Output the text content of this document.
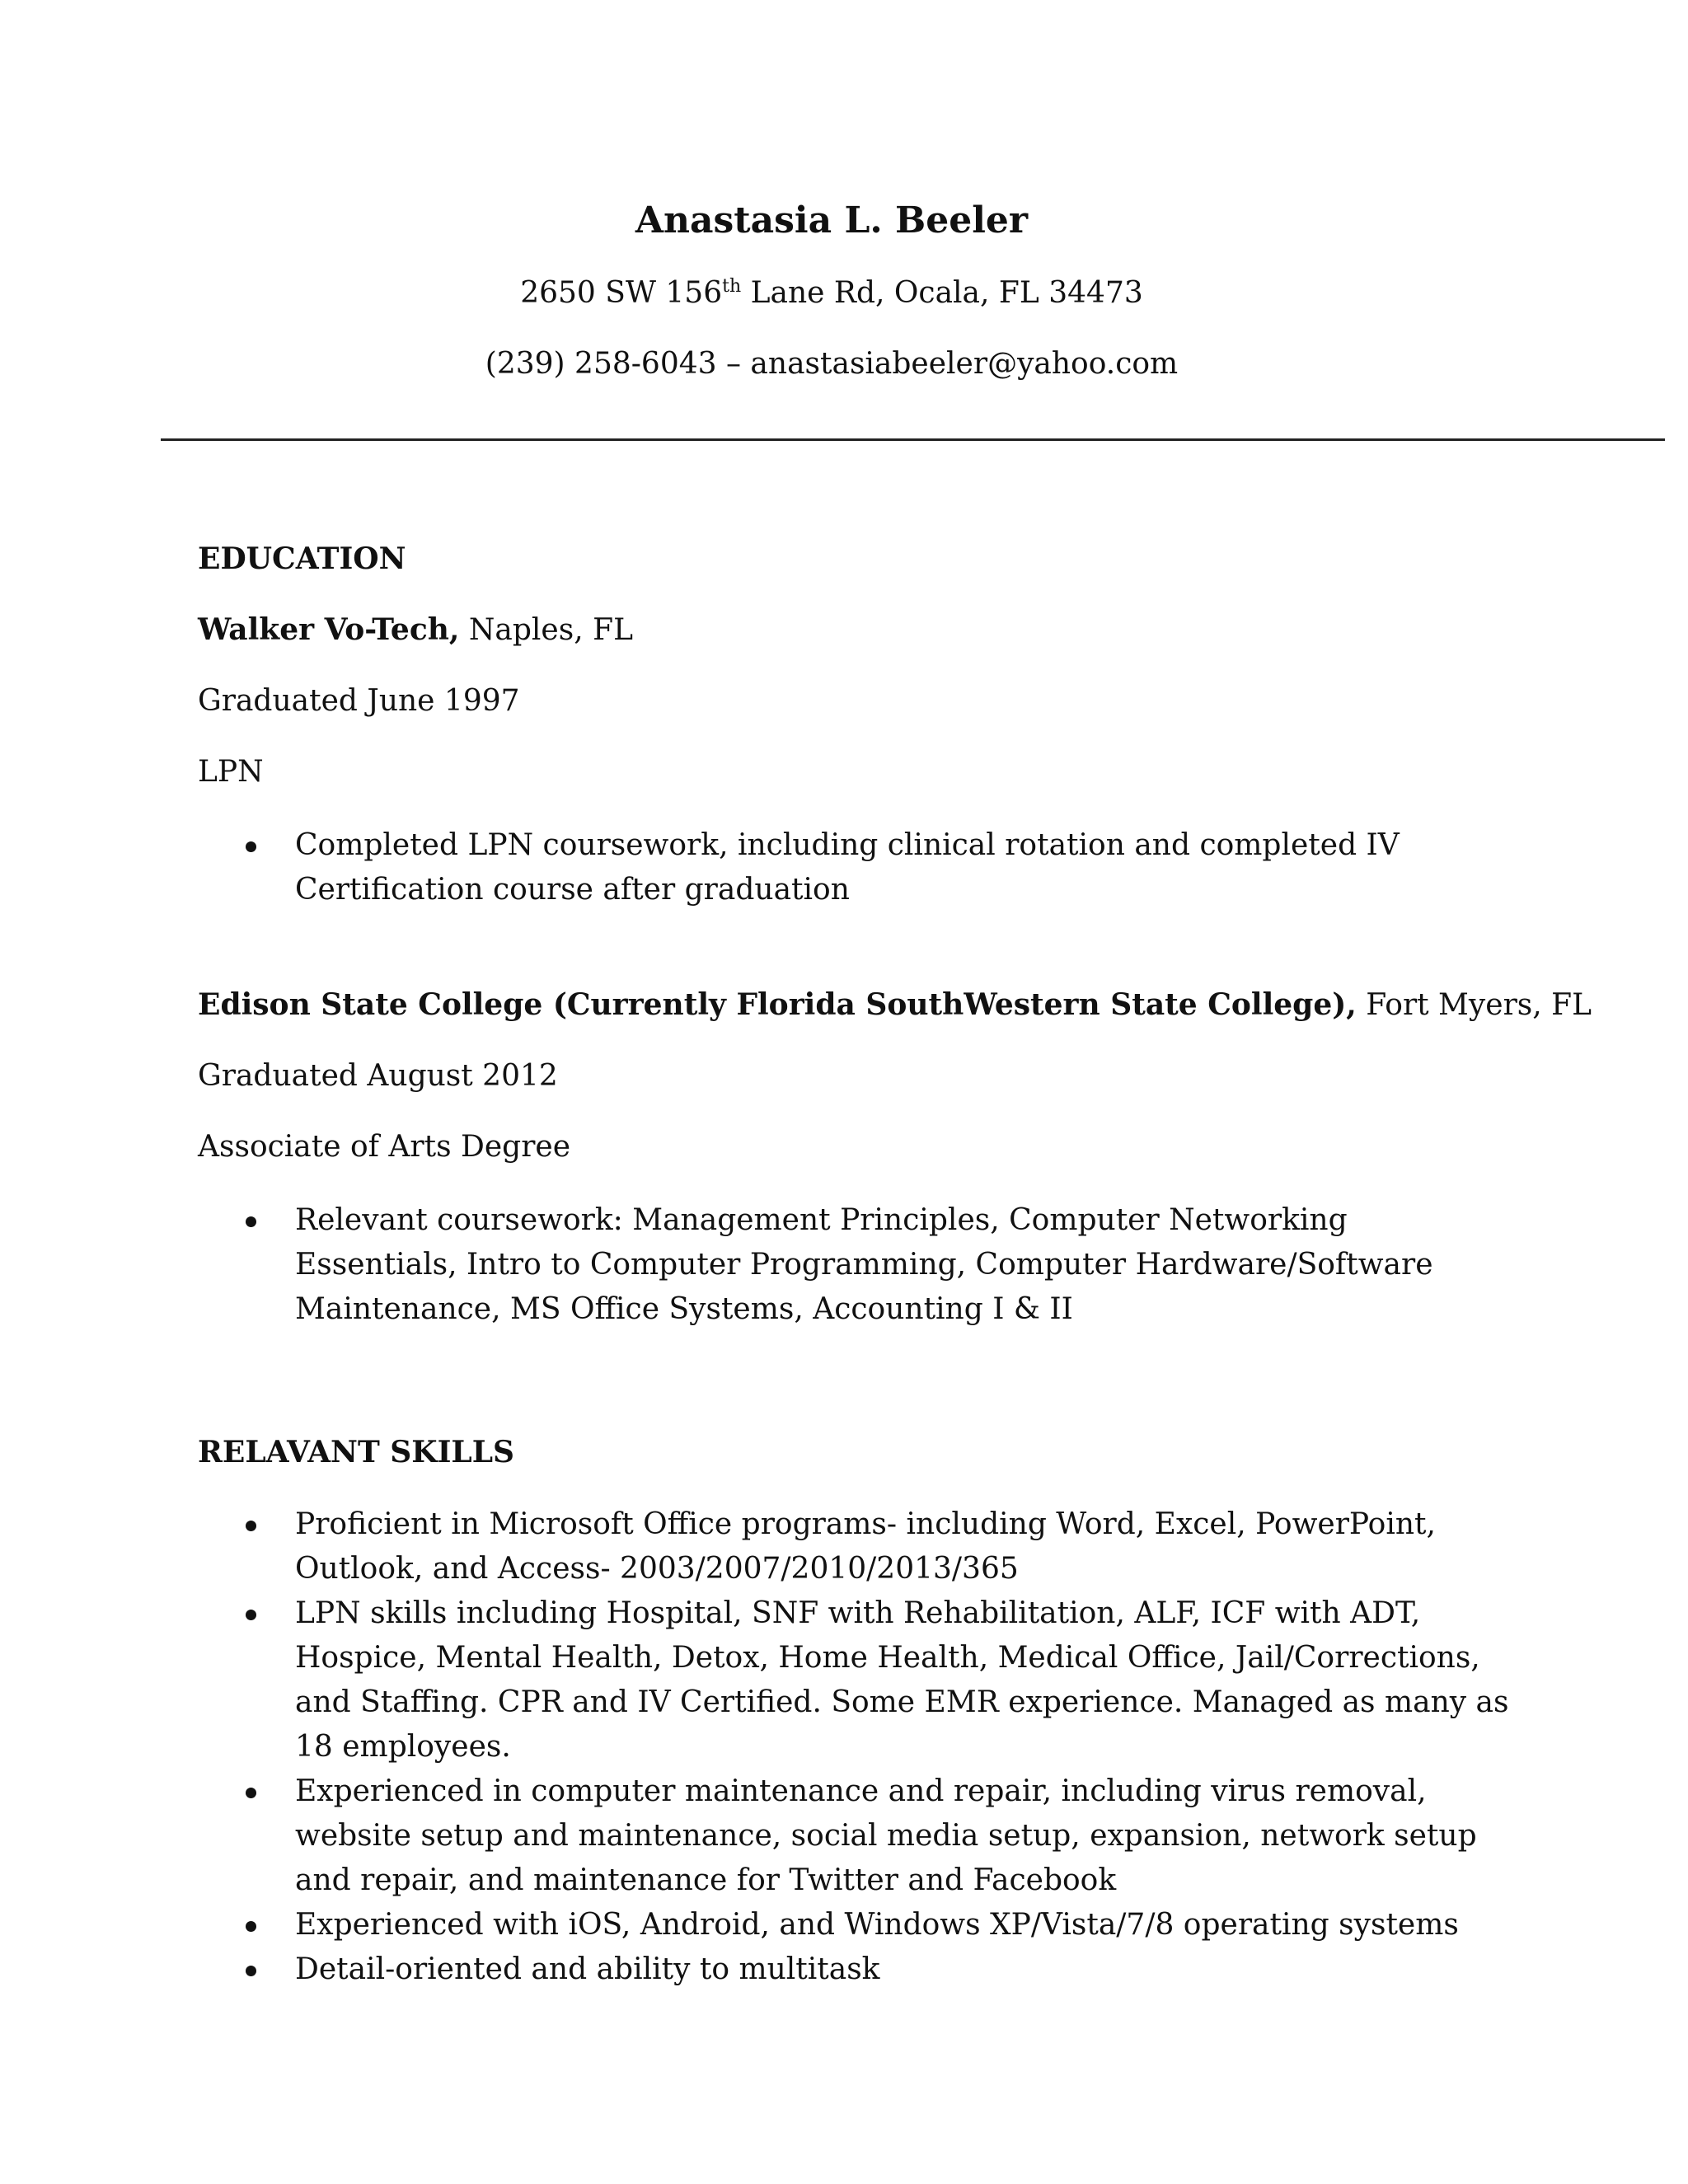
Anastasia L. Beeler
2650 SW 156th Lane Rd, Ocala, FL 34473
(239) 258-6043 – anastasiabeeler@yahoo.com
EDUCATION
Walker Vo-Tech, Naples, FL
Graduated June 1997
LPN
Completed LPN coursework, including clinical rotation and completed IV Certification course after graduation
Edison State College (Currently Florida SouthWestern State College), Fort Myers, FL
Graduated August 2012
Associate of Arts Degree
Relevant coursework: Management Principles, Computer Networking Essentials, Intro to Computer Programming, Computer Hardware/Software Maintenance, MS Office Systems, Accounting I & II
RELAVANT SKILLS
Proficient in Microsoft Office programs- including Word, Excel, PowerPoint, Outlook, and Access- 2003/2007/2010/2013/365
LPN skills including Hospital, SNF with Rehabilitation, ALF, ICF with ADT, Hospice, Mental Health, Detox, Home Health, Medical Office, Jail/Corrections, and Staffing. CPR and IV Certified. Some EMR experience. Managed as many as 18 employees.
Experienced in computer maintenance and repair, including virus removal, website setup and maintenance, social media setup, expansion, network setup and repair, and maintenance for Twitter and Facebook
Experienced with iOS, Android, and Windows XP/Vista/7/8 operating systems
Detail-oriented and ability to multitask
